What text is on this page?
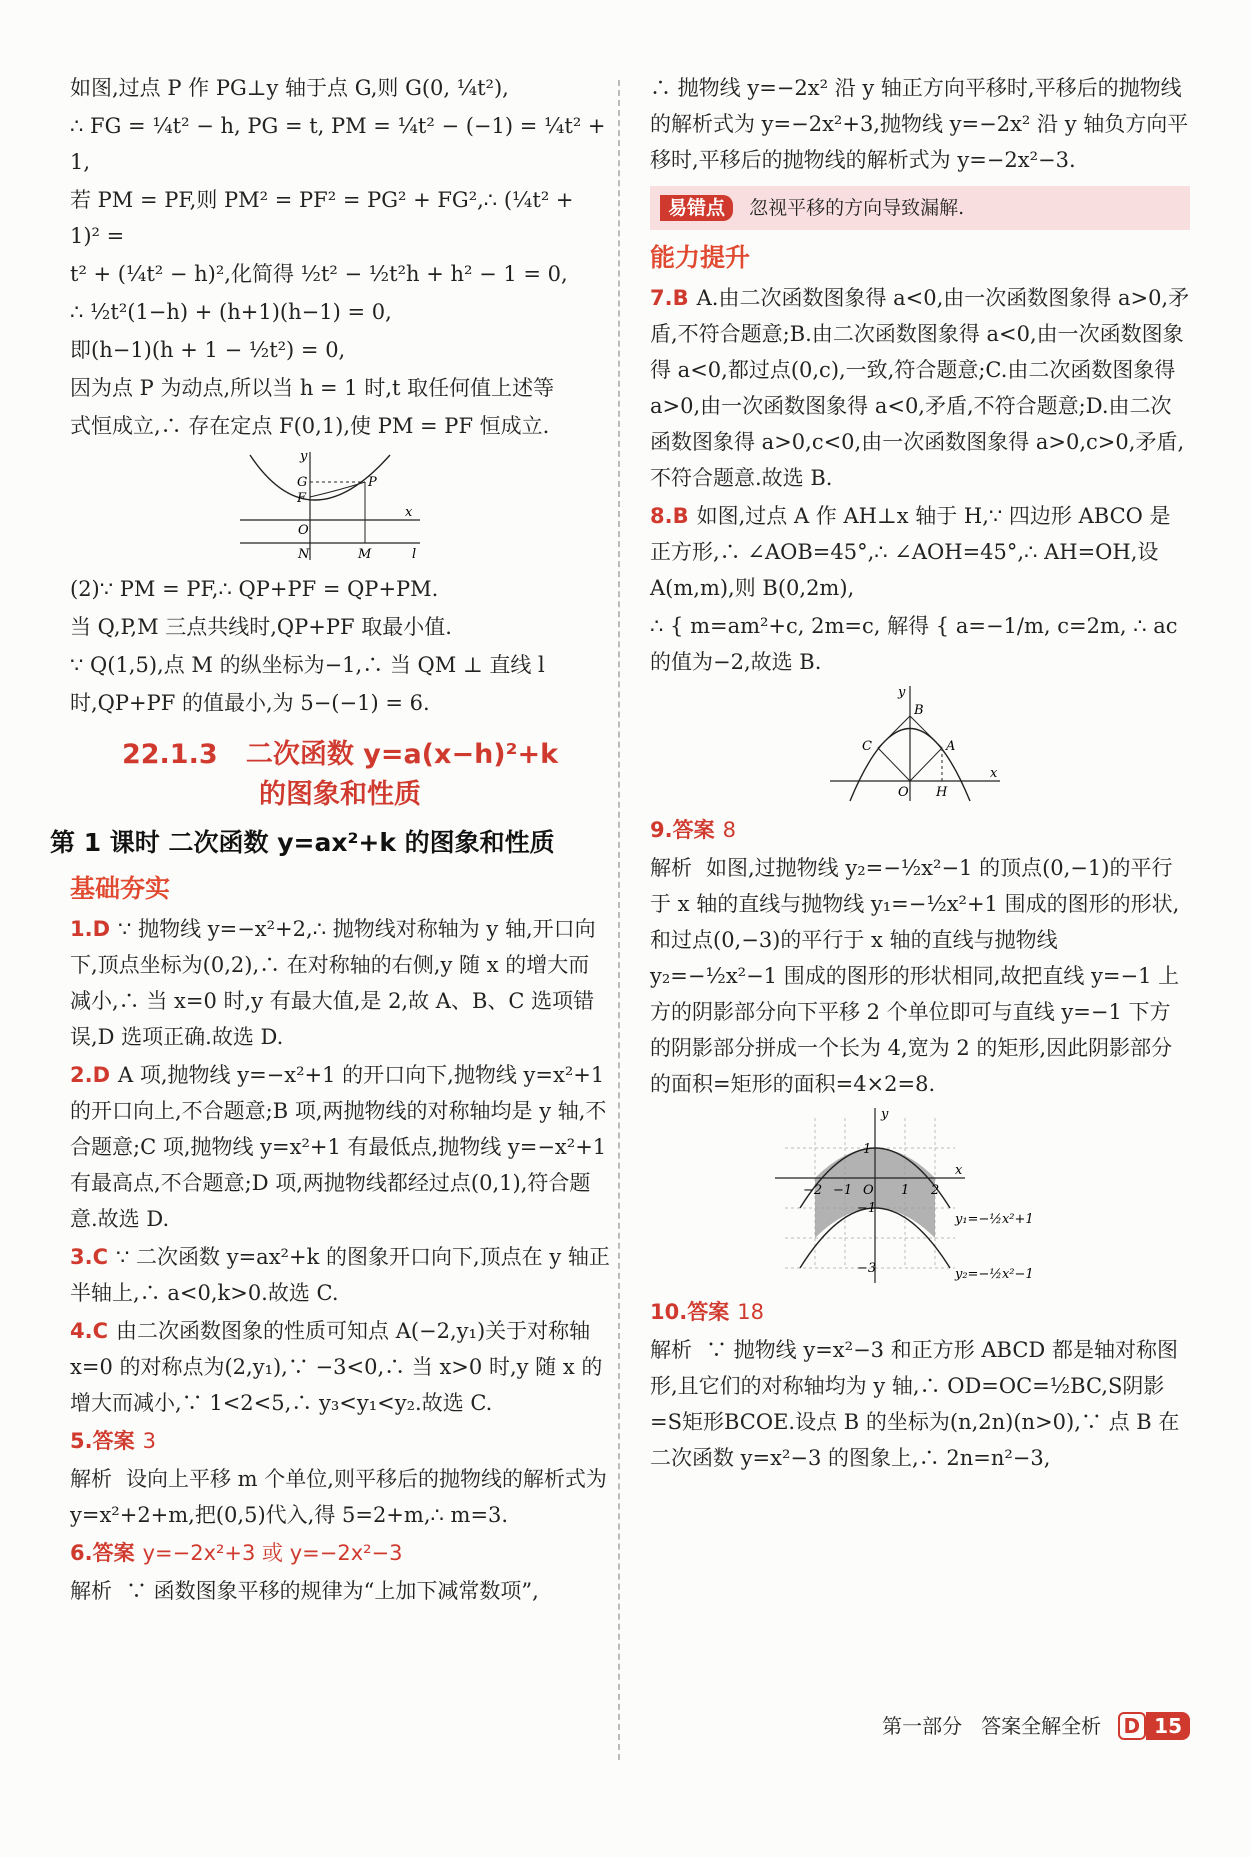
如图,过点 P 作 PG⊥y 轴于点 G,则 G(0, ¼t²),

∴ FG = ¼t² − h, PG = t, PM = ¼t² − (−1) = ¼t² + 1,

若 PM = PF,则 PM² = PF² = PG² + FG²,∴ (¼t² + 1)² =

t² + (¼t² − h)²,化简得 ½t² − ½t²h + h² − 1 = 0,

∴ ½t²(1−h) + (h+1)(h−1) = 0,

即(h−1)(h + 1 − ½t²) = 0,

因为点 P 为动点,所以当 h = 1 时,t 取任何值上述等

式恒成立,∴ 存在定点 F(0,1),使 PM = PF 恒成立.

y
G
F
P
O
x
N	M	l

(2)∵ PM = PF,∴ QP+PF = QP+PM.

当 Q,P,M 三点共线时,QP+PF 取最小值.

∵ Q(1,5),点 M 的纵坐标为−1,∴ 当 QM ⊥ 直线 l

时,QP+PF 的值最小,为 5−(−1) = 6.

22.1.3 二次函数 y=a(x−h)²+k
的图象和性质
第 1 课时 二次函数 y=ax²+k 的图象和性质
基础夯实

1.D ∵ 抛物线 y=−x²+2,∴ 抛物线对称轴为 y 轴,开口向下,顶点坐标为(0,2),∴ 在对称轴的右侧,y 随 x 的增大而减小,∴ 当 x=0 时,y 有最大值,是 2,故 A、B、C 选项错误,D 选项正确.故选 D.

2.D A 项,抛物线 y=−x²+1 的开口向下,抛物线 y=x²+1 的开口向上,不合题意;B 项,两抛物线的对称轴均是 y 轴,不合题意;C 项,抛物线 y=x²+1 有最低点,抛物线 y=−x²+1 有最高点,不合题意;D 项,两抛物线都经过点(0,1),符合题意.故选 D.

3.C ∵ 二次函数 y=ax²+k 的图象开口向下,顶点在 y 轴正半轴上,∴ a<0,k>0.故选 C.

4.C 由二次函数图象的性质可知点 A(−2,y₁)关于对称轴 x=0 的对称点为(2,y₁),∵ −3<0,∴ 当 x>0 时,y 随 x 的增大而减小,∵ 1<2<5,∴ y₃<y₁<y₂.故选 C.

5.答案 3

解析 设向上平移 m 个单位,则平移后的抛物线的解析式为 y=x²+2+m,把(0,5)代入,得 5=2+m,∴ m=3.

6.答案 y=−2x²+3 或 y=−2x²−3

解析 ∵ 函数图象平移的规律为“上加下减常数项”,

∴ 抛物线 y=−2x² 沿 y 轴正方向平移时,平移后的抛物线的解析式为 y=−2x²+3,抛物线 y=−2x² 沿 y 轴负方向平移时,平移后的抛物线的解析式为 y=−2x²−3.

易错点 忽视平移的方向导致漏解.
能力提升

7.B A.由二次函数图象得 a<0,由一次函数图象得 a>0,矛盾,不符合题意;B.由二次函数图象得 a<0,由一次函数图象得 a<0,都过点(0,c),一致,符合题意;C.由二次函数图象得 a>0,由一次函数图象得 a<0,矛盾,不符合题意;D.由二次函数图象得 a>0,c<0,由一次函数图象得 a>0,c>0,矛盾,不符合题意.故选 B.

8.B 如图,过点 A 作 AH⊥x 轴于 H,∵ 四边形 ABCO 是正方形,∴ ∠AOB=45°,∴ ∠AOH=45°,∴ AH=OH,设 A(m,m),则 B(0,2m),

∴ { m=am²+c, 2m=c, 解得 { a=−1/m, c=2m, ∴ ac 的值为−2,故选 B.

y
B
C	A
O H
x

9.答案 8

解析 如图,过抛物线 y₂=−½x²−1 的顶点(0,−1)的平行于 x 轴的直线与抛物线 y₁=−½x²+1 围成的图形的形状,和过点(0,−3)的平行于 x 轴的直线与抛物线 y₂=−½x²−1 围成的图形的形状相同,故把直线 y=−1 上方的阴影部分向下平移 2 个单位即可与直线 y=−1 下方的阴影部分拼成一个长为 4,宽为 2 的矩形,因此阴影部分的面积=矩形的面积=4×2=8.

y
x
−2 −1 O 1 2
1
−1
−3
y₁=−½x²+1
y₂=−½x²−1

10.答案 18

解析 ∵ 抛物线 y=x²−3 和正方形 ABCD 都是轴对称图形,且它们的对称轴均为 y 轴,∴ OD=OC=½BC,S阴影=S矩形BCOE.设点 B 的坐标为(n,2n)(n>0),∵ 点 B 在二次函数 y=x²−3 的图象上,∴ 2n=n²−3,

第一部分 答案全解全析 D 15
